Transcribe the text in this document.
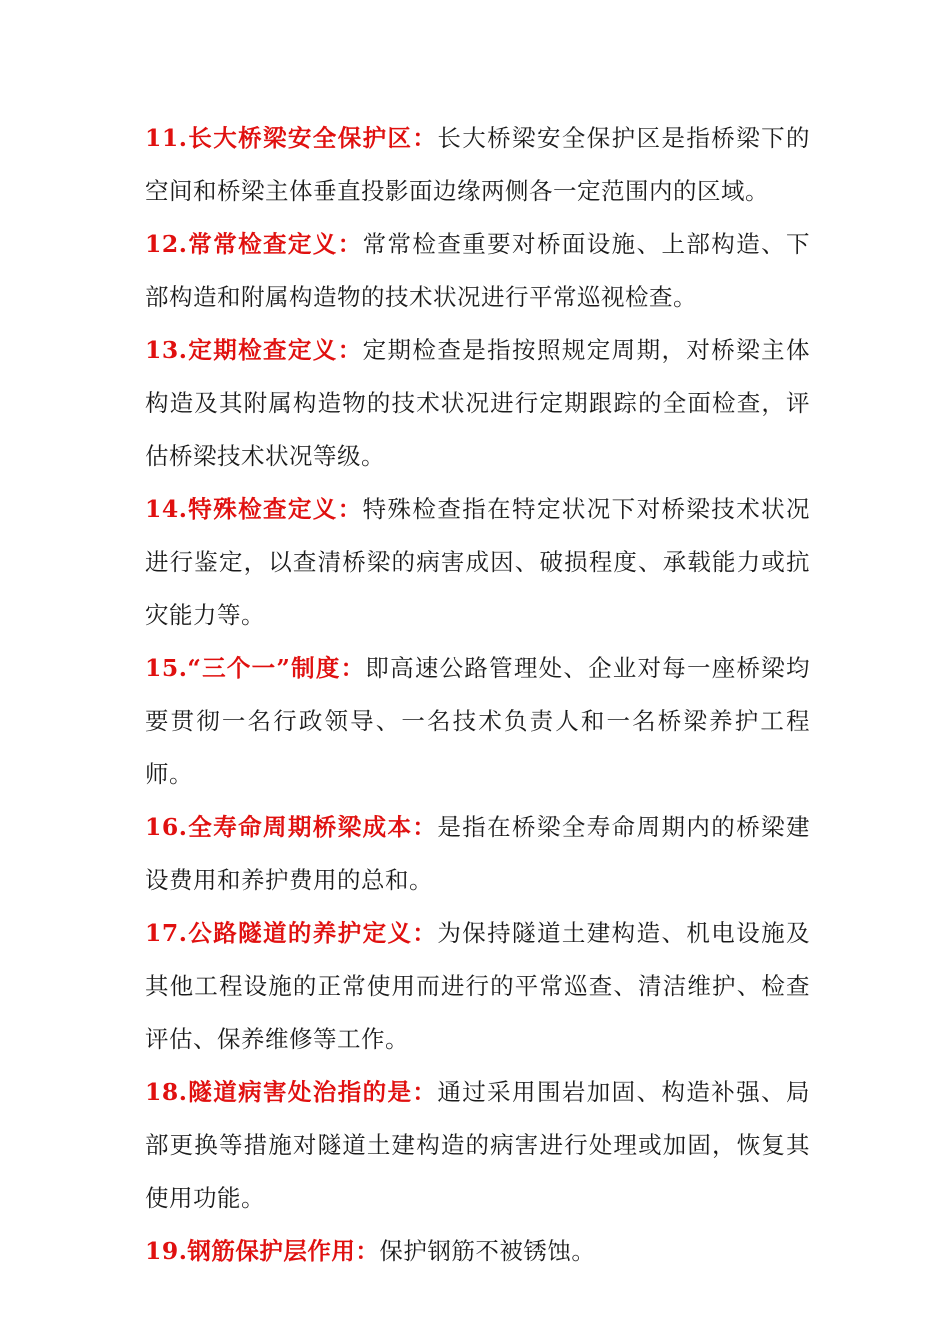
11.长大桥梁安全保护区：长大桥梁安全保护区是指桥梁下的空间和桥梁主体垂直投影面边缘两侧各一定范围内的区域。

12.常常检查定义：常常检查重要对桥面设施、上部构造、下部构造和附属构造物的技术状况进行平常巡视检查。

13.定期检查定义：定期检查是指按照规定周期，对桥梁主体构造及其附属构造物的技术状况进行定期跟踪的全面检查，评估桥梁技术状况等级。

14.特殊检查定义：特殊检查指在特定状况下对桥梁技术状况进行鉴定，以查清桥梁的病害成因、破损程度、承载能力或抗灾能力等。

15.“三个一”制度：即高速公路管理处、企业对每一座桥梁均要贯彻一名行政领导、一名技术负责人和一名桥梁养护工程师。

16.全寿命周期桥梁成本：是指在桥梁全寿命周期内的桥梁建设费用和养护费用的总和。

17.公路隧道的养护定义：为保持隧道土建构造、机电设施及其他工程设施的正常使用而进行的平常巡查、清洁维护、检查评估、保养维修等工作。

18.隧道病害处治指的是：通过采用围岩加固、构造补强、局部更换等措施对隧道土建构造的病害进行处理或加固，恢复其使用功能。

19.钢筋保护层作用：保护钢筋不被锈蚀。
